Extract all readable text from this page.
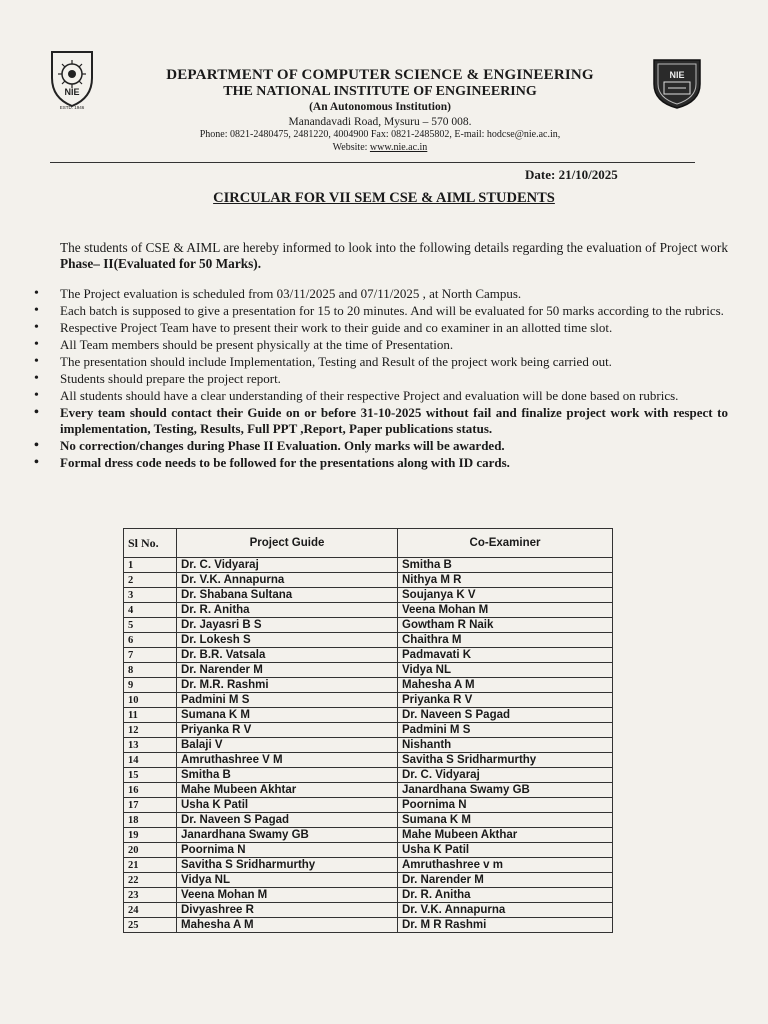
NIE
ESTD. 1946
NIE
DEPARTMENT OF COMPUTER SCIENCE & ENGINEERING
THE NATIONAL INSTITUTE OF ENGINEERING
(An Autonomous Institution)
Manandavadi Road, Mysuru – 570 008.
Phone: 0821-2480475, 2481220, 4004900 Fax: 0821-2485802, E-mail: hodcse@nie.ac.in,
Website: www.nie.ac.in
Date: 21/10/2025
CIRCULAR FOR VII SEM CSE & AIML STUDENTS
The students of CSE & AIML are hereby informed to look into the following details regarding the evaluation of Project work Phase– II(Evaluated for 50 Marks).
• The Project evaluation is scheduled from 03/11/2025 and 07/11/2025 , at North Campus.
• Each batch is supposed to give a presentation for 15 to 20 minutes. And will be evaluated for 50 marks according to the rubrics.
• Respective Project Team have to present their work to their guide and co examiner in an allotted time slot.
• All Team members should be present physically at the time of Presentation.
• The presentation should include Implementation, Testing and Result of the project work being carried out.
• Students should prepare the project report.
• All students should have a clear understanding of their respective Project and evaluation will be done based on rubrics.
• Every team should contact their Guide on or before 31-10-2025 without fail and finalize project work with respect to implementation, Testing, Results, Full PPT ,Report, Paper publications status.
• No correction/changes during Phase II Evaluation. Only marks will be awarded.
• Formal dress code needs to be followed for the presentations along with ID cards.
Sl No.	Project Guide	Co-Examiner
1	Dr. C. Vidyaraj	Smitha B
2	Dr. V.K. Annapurna	Nithya M R
3	Dr. Shabana Sultana	Soujanya K V
4	Dr. R. Anitha	Veena Mohan M
5	Dr. Jayasri B S	Gowtham R Naik
6	Dr. Lokesh S	Chaithra M
7	Dr. B.R. Vatsala	Padmavati K
8	Dr. Narender M	Vidya NL
9	Dr. M.R. Rashmi	Mahesha A M
10	Padmini M S	Priyanka R V
11	Sumana K M	Dr. Naveen S Pagad
12	Priyanka R V	Padmini M S
13	Balaji V	Nishanth
14	Amruthashree V M	Savitha S Sridharmurthy
15	Smitha B	Dr. C. Vidyaraj
16	Mahe Mubeen Akhtar	Janardhana Swamy GB
17	Usha K Patil	Poornima N
18	Dr. Naveen S Pagad	Sumana K M
19	Janardhana Swamy GB	Mahe Mubeen Akthar
20	Poornima N	Usha K Patil
21	Savitha S Sridharmurthy	Amruthashree v m
22	Vidya NL	Dr. Narender M
23	Veena Mohan M	Dr. R. Anitha
24	Divyashree R	Dr. V.K. Annapurna
25	Mahesha A M	Dr. M R Rashmi
